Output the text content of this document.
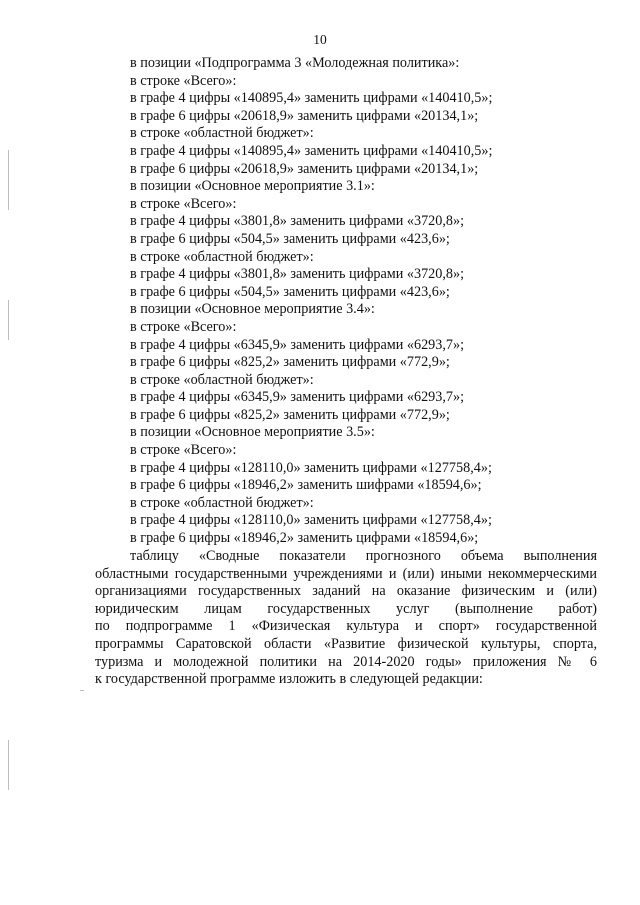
10
в позиции «Подпрограмма 3 «Молодежная политика»:
в строке «Всего»:
в графе 4 цифры «140895,4» заменить цифрами «140410,5»;
в графе 6 цифры «20618,9» заменить цифрами «20134,1»;
в строке «областной бюджет»:
в графе 4 цифры «140895,4» заменить цифрами «140410,5»;
в графе 6 цифры «20618,9» заменить цифрами «20134,1»;
в позиции «Основное мероприятие 3.1»:
в строке «Всего»:
в графе 4 цифры «3801,8» заменить цифрами «3720,8»;
в графе 6 цифры «504,5» заменить цифрами «423,6»;
в строке «областной бюджет»:
в графе 4 цифры «3801,8» заменить цифрами «3720,8»;
в графе 6 цифры «504,5» заменить цифрами «423,6»;
в позиции «Основное мероприятие 3.4»:
в строке «Всего»:
в графе 4 цифры «6345,9» заменить цифрами «6293,7»;
в графе 6 цифры «825,2» заменить цифрами «772,9»;
в строке «областной бюджет»:
в графе 4 цифры «6345,9» заменить цифрами «6293,7»;
в графе 6 цифры «825,2» заменить цифрами «772,9»;
в позиции «Основное мероприятие 3.5»:
в строке «Всего»:
в графе 4 цифры «128110,0» заменить цифрами «127758,4»;
в графе 6 цифры «18946,2» заменить шифрами «18594,6»;
в строке «областной бюджет»:
в графе 4 цифры «128110,0» заменить цифрами «127758,4»;
в графе 6 цифры «18946,2» заменить цифрами «18594,6»;
таблицу «Сводные показатели прогнозного объема выполнения
областными государственными учреждениями и (или) иными некоммерческими
организациями государственных заданий на оказание физическим и (или)
юридическим лицам государственных услуг (выполнение работ)
по подпрограмме 1 «Физическая культура и спорт» государственной
программы Саратовской области «Развитие физической культуры, спорта,
туризма и молодежной политики на 2014-2020 годы» приложения № 6
к государственной программе изложить в следующей редакции:
